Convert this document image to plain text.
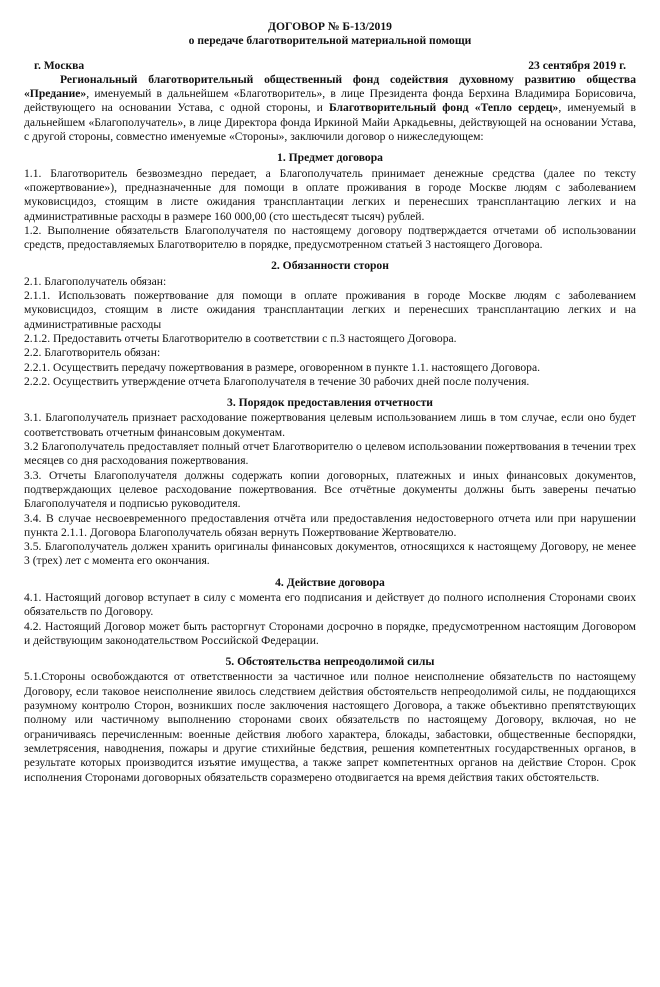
ДОГОВОР № Б-13/2019

о передаче благотворительной материальной помощи

г. Москва	23 сентября 2019 г.

Региональный благотворительный общественный фонд содействия духовному развитию общества «Предание», именуемый в дальнейшем «Благотворитель», в лице Президента фонда Берхина Владимира Борисовича, действующего на основании Устава, с одной стороны, и Благотворительный фонд «Тепло сердец», именуемый в дальнейшем «Благополучатель», в лице Директора фонда Иркиной Майи Аркадьевны, действующей на основании Устава, с другой стороны, совместно именуемые «Стороны», заключили договор о нижеследующем:

1. Предмет договора

1.1. Благотворитель безвозмездно передает, а Благополучатель принимает денежные средства (далее по тексту «пожертвование»), предназначенные для помощи в оплате проживания в городе Москве людям с заболеванием муковисцидоз, стоящим в листе ожидания трансплантации легких и перенесших трансплантацию легких и на административные расходы в размере 160 000,00 (сто шестьдесят тысяч) рублей.

1.2. Выполнение обязательств Благополучателя по настоящему договору подтверждается отчетами об использовании средств, предоставляемых Благотворителю в порядке, предусмотренном статьей 3 настоящего Договора.

2. Обязанности сторон

2.1. Благополучатель обязан:

2.1.1. Использовать пожертвование для помощи в оплате проживания в городе Москве людям с заболеванием муковисцидоз, стоящим в листе ожидания трансплантации легких и перенесших трансплантацию легких и на административные расходы

2.1.2. Предоставить отчеты Благотворителю в соответствии с п.3 настоящего Договора.

2.2. Благотворитель обязан:

2.2.1. Осуществить передачу пожертвования в размере, оговоренном в пункте 1.1. настоящего Договора.

2.2.2. Осуществить утверждение отчета Благополучателя в течение 30 рабочих дней после получения.

3. Порядок предоставления отчетности

3.1. Благополучатель признает расходование пожертвования целевым использованием лишь в том случае, если оно будет соответствовать отчетным финансовым документам.

3.2 Благополучатель предоставляет полный отчет Благотворителю о целевом использовании пожертвования в течении трех месяцев со дня расходования пожертвования.

3.3. Отчеты Благополучателя должны содержать копии договорных, платежных и иных финансовых документов, подтверждающих целевое расходование пожертвования. Все отчётные документы должны быть заверены печатью Благополучателя и подписью руководителя.

3.4. В случае несвоевременного предоставления отчёта или предоставления недостоверного отчета или при нарушении пункта 2.1.1. Договора Благополучатель обязан вернуть Пожертвование Жертвователю.

3.5. Благополучатель должен хранить оригиналы финансовых документов, относящихся к настоящему Договору, не менее 3 (трех) лет с момента его окончания.

4. Действие договора

4.1. Настоящий договор вступает в силу с момента его подписания и действует до полного исполнения Сторонами своих обязательств по Договору.

4.2. Настоящий Договор может быть расторгнут Сторонами досрочно в порядке, предусмотренном настоящим Договором и действующим законодательством Российской Федерации.

5. Обстоятельства непреодолимой силы

5.1.Стороны освобождаются от ответственности за частичное или полное неисполнение обязательств по настоящему Договору, если таковое неисполнение явилось следствием действия обстоятельств непреодолимой силы, не поддающихся разумному контролю Сторон, возникших после заключения настоящего Договора, а также объективно препятствующих полному или частичному выполнению сторонами своих обязательств по настоящему Договору, включая, но не ограничиваясь перечисленным: военные действия любого характера, блокады, забастовки, общественные беспорядки, землетрясения, наводнения, пожары и другие стихийные бедствия, решения компетентных государственных органов, в результате которых производится изъятие имущества, а также запрет компетентных органов на действие Сторон. Срок исполнения Сторонами договорных обязательств соразмерено отодвигается на время действия таких обстоятельств.
